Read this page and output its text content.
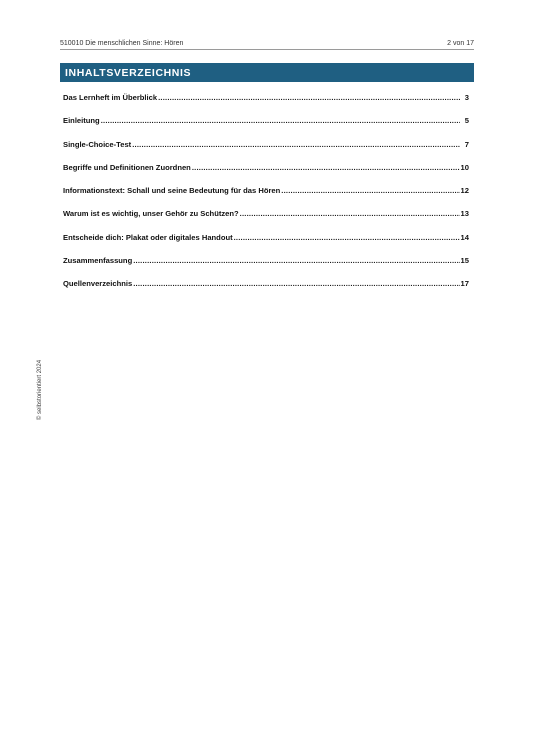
510010 Die menschlichen Sinne: Hören	2 von 17
INHALTSVERZEICHNIS
Das Lernheft im Überblick .....	3
Einleitung .....	5
Single-Choice-Test .....	7
Begriffe und Definitionen Zuordnen .....	10
Informationstext: Schall und seine Bedeutung für das Hören .....	12
Warum ist es wichtig, unser Gehör zu Schützen? .....	13
Entscheide dich: Plakat oder digitales Handout .....	14
Zusammenfassung .....	15
Quellenverzeichnis .....	17
© selbstorientiert 2024
